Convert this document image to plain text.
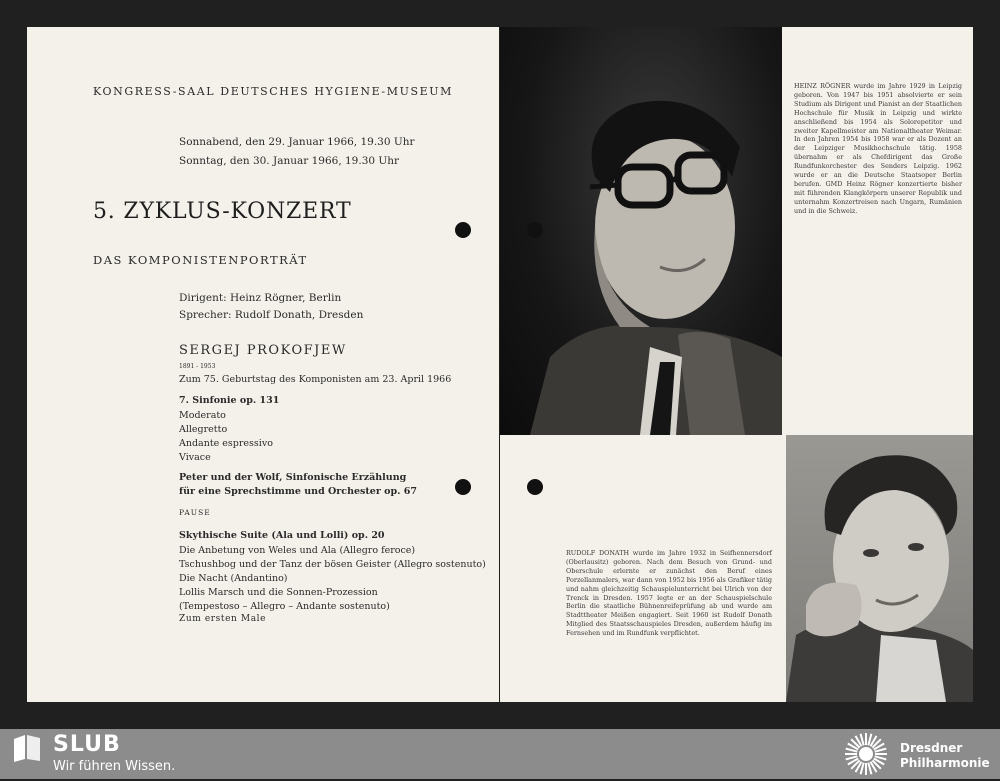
KONGRESS-SAAL DEUTSCHES HYGIENE-MUSEUM
Sonnabend, den 29. Januar 1966, 19.30 Uhr
Sonntag, den 30. Januar 1966, 19.30 Uhr
5. ZYKLUS-KONZERT
DAS KOMPONISTENPORTRÄT
Dirigent: Heinz Rögner, Berlin
Sprecher: Rudolf Donath, Dresden
SERGEJ PROKOFJEW
1891 - 1953
Zum 75. Geburtstag des Komponisten am 23. April 1966
7. Sinfonie op. 131
Moderato
Allegretto
Andante espressivo
Vivace
Peter und der Wolf, Sinfonische Erzählung
für eine Sprechstimme und Orchester op. 67
PAUSE
Skythische Suite (Ala und Lolli) op. 20
Die Anbetung von Weles und Ala (Allegro feroce)
Tschushbog und der Tanz der bösen Geister (Allegro sostenuto)
Die Nacht (Andantino)
Lollis Marsch und die Sonnen-Prozession
(Tempestoso – Allegro – Andante sostenuto)
Zum ersten Male
HEINZ RÖGNER wurde im Jahre 1929 in Leipzig geboren. Von 1947 bis 1951 absolvierte er sein Studium als Dirigent und Pianist an der Staatlichen Hochschule für Musik in Leipzig und wirkte anschließend bis 1954 als Solorepetitor und zweiter Kapellmeister am Nationaltheater Weimar. In den Jahren 1954 bis 1958 war er als Dozent an der Leipziger Musikhochschule tätig. 1958 übernahm er als Chefdirigent das Große Rundfunkorchester des Senders Leipzig. 1962 wurde er an die Deutsche Staatsoper Berlin berufen. GMD Heinz Rögner konzertierte bisher mit führenden Klangkörpern unserer Republik und unternahm Konzertreisen nach Ungarn, Rumänien und in die Schweiz.
RUDOLF DONATH wurde im Jahre 1932 in Seifhennersdorf (Oberlausitz) geboren. Nach dem Besuch von Grund- und Oberschule erlernte er zunächst den Beruf eines Porzellanmalers, war dann von 1952 bis 1956 als Grafiker tätig und nahm gleichzeitig Schauspielunterricht bei Ulrich von der Trenck in Dresden. 1957 legte er an der Schauspielschule Berlin die staatliche Bühnenreifeprüfung ab und wurde am Stadttheater Meißen engagiert. Seit 1960 ist Rudolf Donath Mitglied des Staatsschauspieles Dresden, außerdem häufig im Fernsehen und im Rundfunk verpflichtet.
SLUB
Wir führen Wissen.
Dresdner
Philharmonie
